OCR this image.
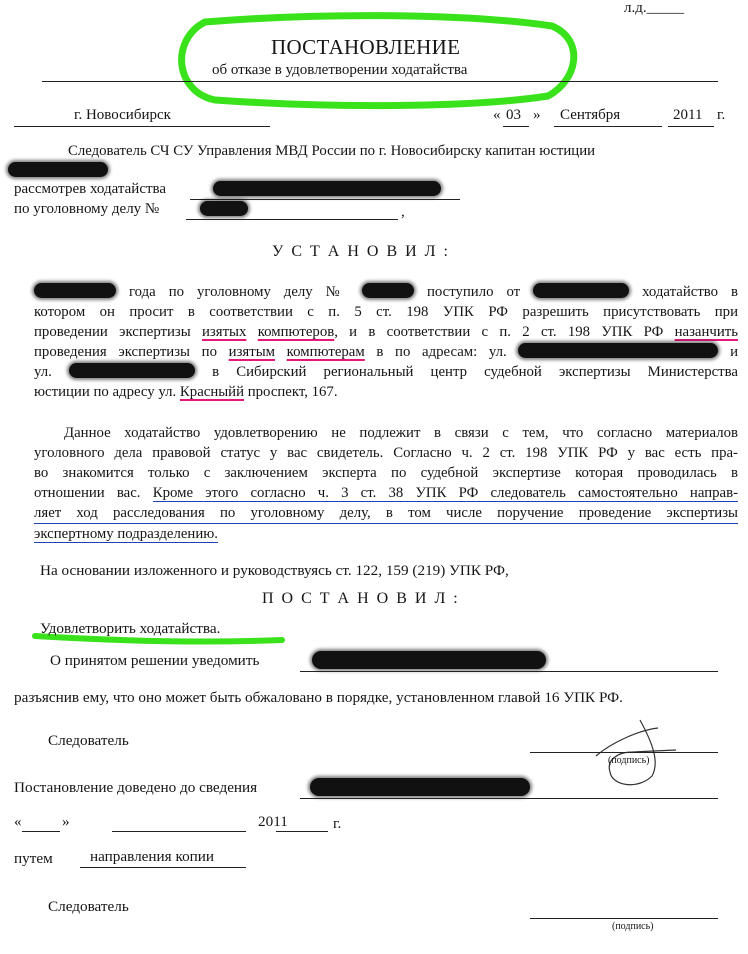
л.д._____
ПОСТАНОВЛЕНИЕ
об отказе в удовлетворении ходатайства
г. Новосибирск	« 03 » Сентября	2011 г.
Следователь СЧ СУ Управления МВД России по г. Новосибирску капитан юстиции
рассмотрев ходатайства
по уголовному делу №	,
У С Т А Н О В И Л :
года по уголовному делу №	поступило от	ходатайство в
котором он просит в соответствии с п. 5 ст. 198 УПК РФ разрешить присутствовать при
проведении экспертизы изятых компютеров, и в соответствии с п. 2 ст. 198 УПК РФ назанчить
проведения экспертизы по изятым компютерам в по адресам: ул.	и
ул.	в Сибирский региональный центр судебной экспертизы Министерства
юстиции по адресу ул. Красныйй проспект, 167.
Данное ходатайство удовлетворению не подлежит в связи с тем, что согласно материалов
уголовного дела правовой статус у вас свидетель. Согласно ч. 2 ст. 198 УПК РФ у вас есть пра-
во знакомится только с заключением эксперта по судебной экспертизе которая проводилась в
отношении вас. Кроме этого согласно ч. 3 ст. 38 УПК РФ следователь самостоятельно направ-
ляет ход расследования по уголовному делу, в том числе поручение проведение экспертизы
экспертному подразделению.
На основании изложенного и руководствуясь ст. 122, 159 (219) УПК РФ,
П О С Т А Н О В И Л :
Удовлетворить ходатайства.
О принятом решении уведомить
разъяснив ему, что оно может быть обжаловано в порядке, установленном главой 16 УПК РФ.
Следователь
(подпись)
Постановление доведено до сведения
«	»	2011	г.
путем направления копии
Следователь
(подпись)
